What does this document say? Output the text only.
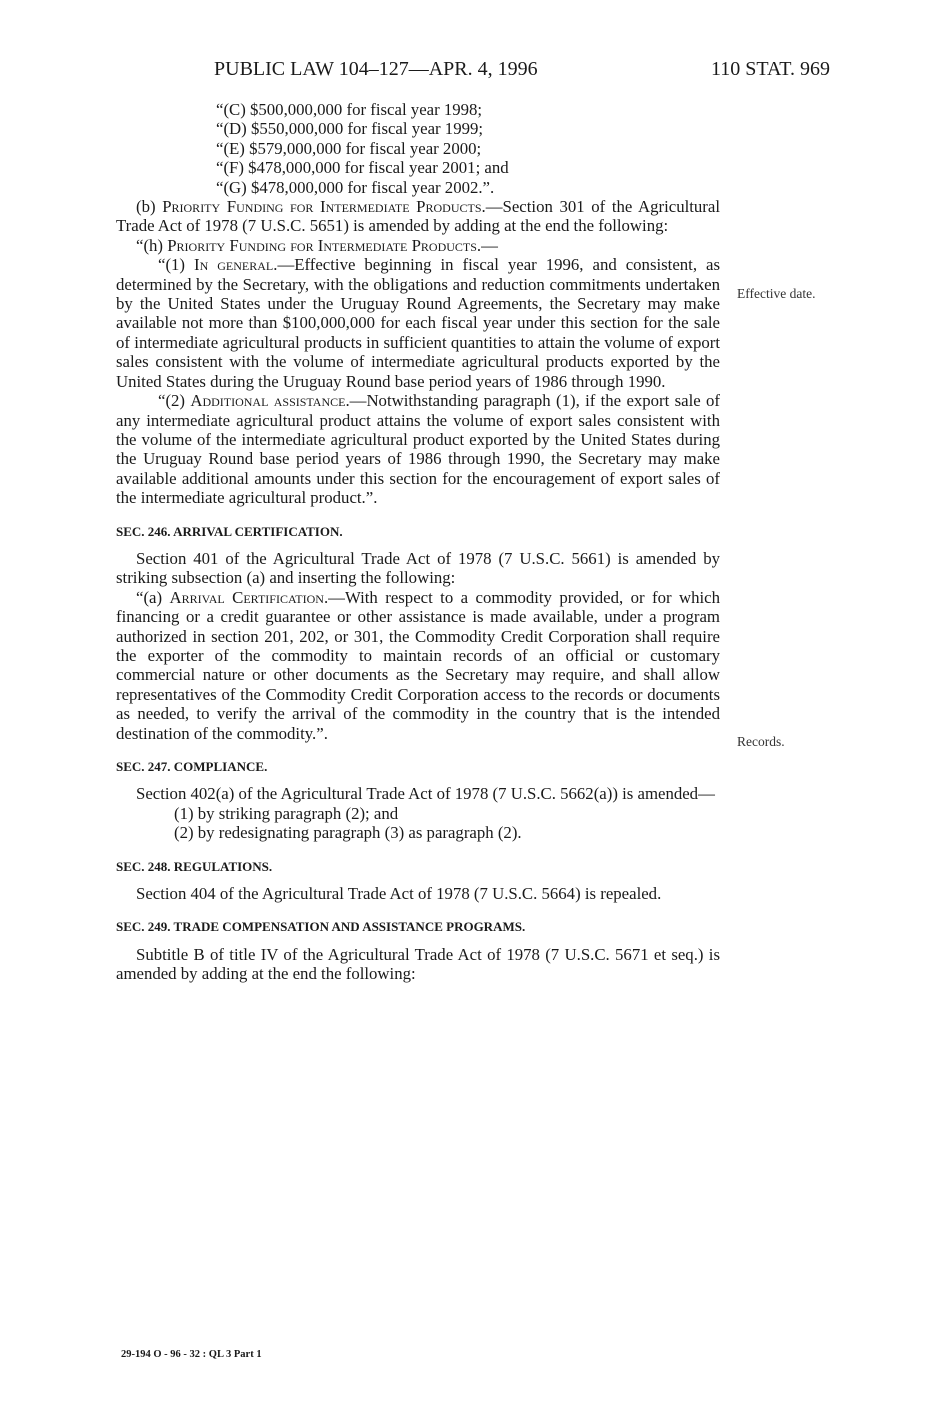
PUBLIC LAW 104–127—APR. 4, 1996	110 STAT. 969
“(C) $500,000,000 for fiscal year 1998;
“(D) $550,000,000 for fiscal year 1999;
“(E) $579,000,000 for fiscal year 2000;
“(F) $478,000,000 for fiscal year 2001; and
“(G) $478,000,000 for fiscal year 2002.”.
(b) Priority Funding for Intermediate Products.—Section 301 of the Agricultural Trade Act of 1978 (7 U.S.C. 5651) is amended by adding at the end the following:
“(h) Priority Funding for Intermediate Products.—
“(1) In general.—Effective beginning in fiscal year 1996, and consistent, as determined by the Secretary, with the obligations and reduction commitments undertaken by the United States under the Uruguay Round Agreements, the Secretary may make available not more than $100,000,000 for each fiscal year under this section for the sale of intermediate agricultural products in sufficient quantities to attain the volume of export sales consistent with the volume of intermediate agricultural products exported by the United States during the Uruguay Round base period years of 1986 through 1990.
“(2) Additional assistance.—Notwithstanding paragraph (1), if the export sale of any intermediate agricultural product attains the volume of export sales consistent with the volume of the intermediate agricultural product exported by the United States during the Uruguay Round base period years of 1986 through 1990, the Secretary may make available additional amounts under this section for the encouragement of export sales of the intermediate agricultural product.”.
SEC. 246. ARRIVAL CERTIFICATION.
Section 401 of the Agricultural Trade Act of 1978 (7 U.S.C. 5661) is amended by striking subsection (a) and inserting the following:
“(a) Arrival Certification.—With respect to a commodity provided, or for which financing or a credit guarantee or other assistance is made available, under a program authorized in section 201, 202, or 301, the Commodity Credit Corporation shall require the exporter of the commodity to maintain records of an official or customary commercial nature or other documents as the Secretary may require, and shall allow representatives of the Commodity Credit Corporation access to the records or documents as needed, to verify the arrival of the commodity in the country that is the intended destination of the commodity.”.
SEC. 247. COMPLIANCE.
Section 402(a) of the Agricultural Trade Act of 1978 (7 U.S.C. 5662(a)) is amended—
(1) by striking paragraph (2); and
(2) by redesignating paragraph (3) as paragraph (2).
SEC. 248. REGULATIONS.
Section 404 of the Agricultural Trade Act of 1978 (7 U.S.C. 5664) is repealed.
SEC. 249. TRADE COMPENSATION AND ASSISTANCE PROGRAMS.
Subtitle B of title IV of the Agricultural Trade Act of 1978 (7 U.S.C. 5671 et seq.) is amended by adding at the end the following:
Effective date.
Records.
29-194 O - 96 - 32 : QL 3 Part 1
